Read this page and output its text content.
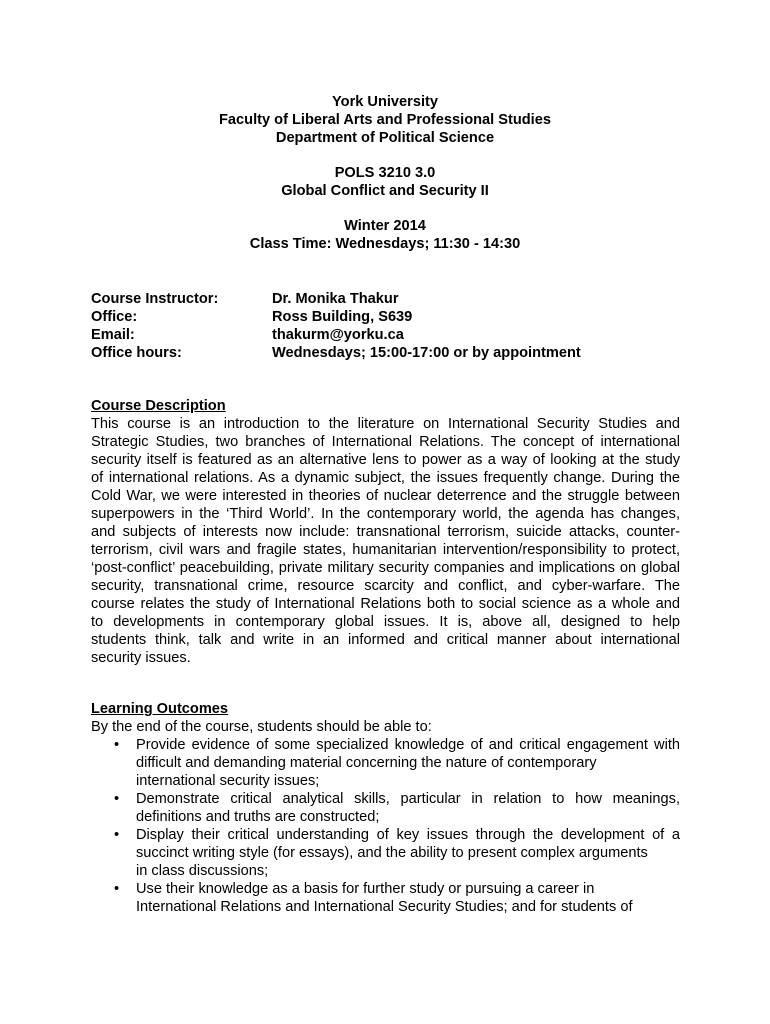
York University
Faculty of Liberal Arts and Professional Studies
Department of Political Science
POLS 3210 3.0
Global Conflict and Security II
Winter 2014
Class Time: Wednesdays; 11:30 - 14:30
Course Instructor:	Dr. Monika Thakur
Office:	Ross Building, S639
Email:	thakurm@yorku.ca
Office hours:	Wednesdays; 15:00-17:00 or by appointment
Course Description
This course is an introduction to the literature on International Security Studies and
Strategic Studies, two branches of International Relations. The concept of international
security itself is featured as an alternative lens to power as a way of looking at the study
of international relations. As a dynamic subject, the issues frequently change. During the
Cold War, we were interested in theories of nuclear deterrence and the struggle between
superpowers in the ‘Third World’. In the contemporary world, the agenda has changes,
and subjects of interests now include: transnational terrorism, suicide attacks, counter-
terrorism, civil wars and fragile states, humanitarian intervention/responsibility to protect,
‘post-conflict’ peacebuilding, private military security companies and implications on global
security, transnational crime, resource scarcity and conflict, and cyber-warfare. The
course relates the study of International Relations both to social science as a whole and
to developments in contemporary global issues. It is, above all, designed to help
students think, talk and write in an informed and critical manner about international
security issues.
Learning Outcomes
By the end of the course, students should be able to:
• Provide evidence of some specialized knowledge of and critical engagement with
difficult and demanding material concerning the nature of contemporary
international security issues;
• Demonstrate critical analytical skills, particular in relation to how meanings,
definitions and truths are constructed;
• Display their critical understanding of key issues through the development of a
succinct writing style (for essays), and the ability to present complex arguments
in class discussions;
• Use their knowledge as a basis for further study or pursuing a career in
International Relations and International Security Studies; and for students of
